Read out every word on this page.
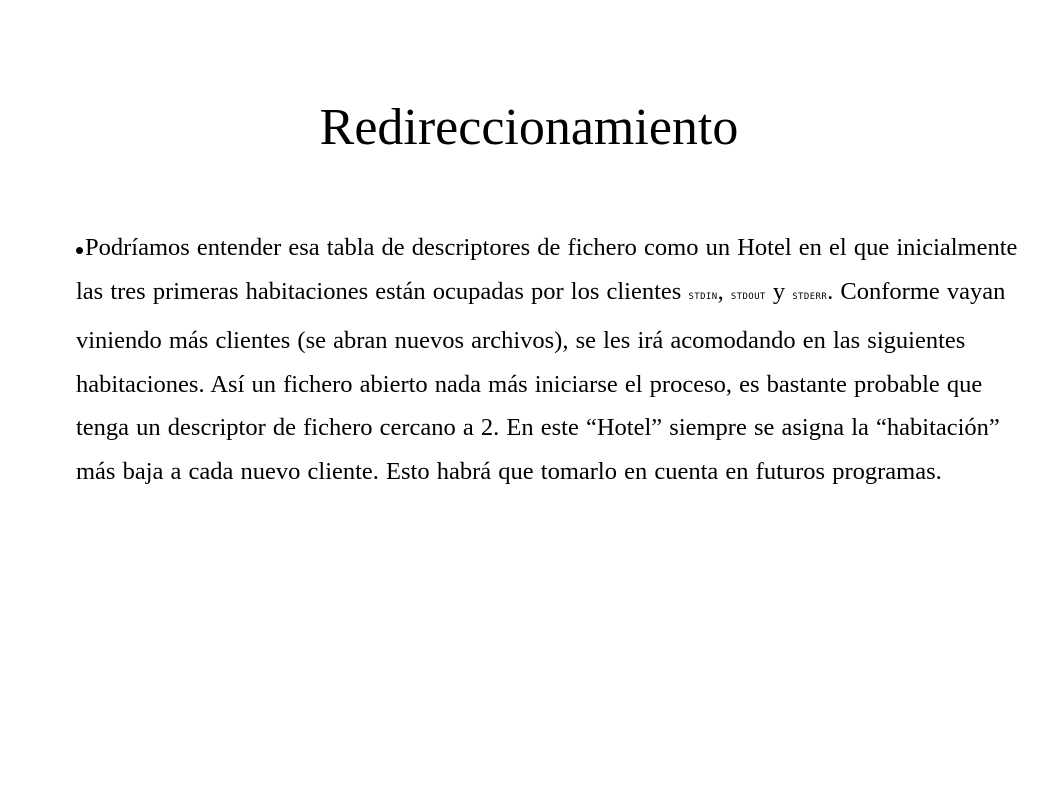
Redireccionamiento

Podríamos entender esa tabla de descriptores de fichero como un Hotel en el que inicialmente las tres primeras habitaciones están ocupadas por los clientes STDIN, STDOUT y STDERR. Conforme vayan viniendo más clientes (se abran nuevos archivos), se les irá acomodando en las siguientes habitaciones. Así un fichero abierto nada más iniciarse el proceso, es bastante probable que tenga un descriptor de fichero cercano a 2. En este “Hotel” siempre se asigna la “habitación” más baja a cada nuevo cliente. Esto habrá que tomarlo en cuenta en futuros programas.
